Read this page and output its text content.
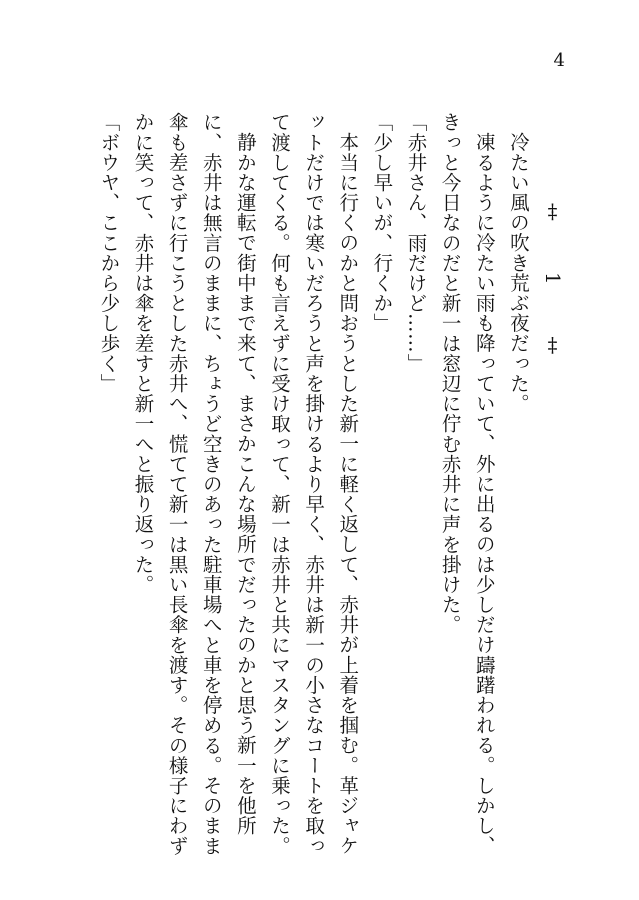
4

‡ 1 ‡

冷たい風の吹き荒ぶ夜だった。

凍るように冷たい雨も降っていて、外に出るのは少しだけ躊躇われる。しかし、きっと今日なのだと新一は窓辺に佇む赤井に声を掛けた。

「赤井さん、雨だけど……」

「少し早いが、行くか」

本当に行くのかと問おうとした新一に軽く返して、赤井が上着を掴む。革ジャケットだけでは寒いだろうと声を掛けるより早く、赤井は新一の小さなコートを取って渡してくる。何も言えずに受け取って、新一は赤井と共にマスタングに乗った。

静かな運転で街中まで来て、まさかこんな場所でだったのかと思う新一を他所に、赤井は無言のままに、ちょうど空きのあった駐車場へと車を停める。そのまま傘も差さずに行こうとした赤井へ、慌てて新一は黒い長傘を渡す。その様子にわずかに笑って、赤井は傘を差すと新一へと振り返った。

「ボウヤ、ここから少し歩く」
